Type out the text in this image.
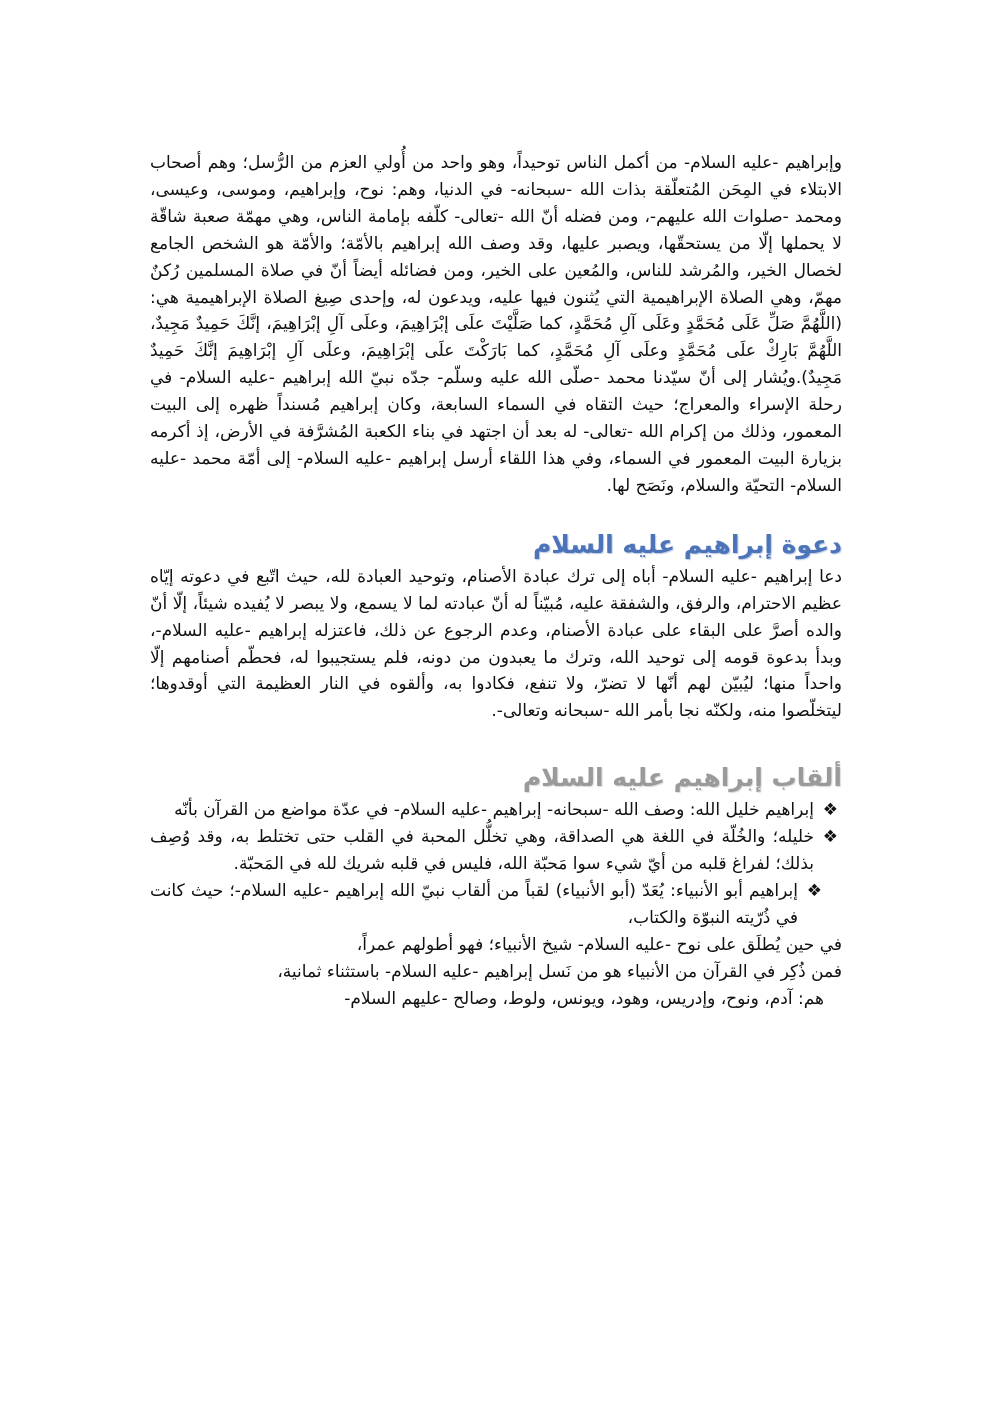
وإبراهيم -عليه السلام- من أكمل الناس توحيداً، وهو واحد من أُولي العزم من الرُّسل؛ وهم أصحاب الابتلاء في المِحَن المُتعلّقة بذات الله -سبحانه- في الدنيا، وهم: نوح، وإبراهيم، وموسى، وعيسى، ومحمد -صلوات الله عليهم-، ومن فضله أنّ الله -تعالى- كلّفه بإمامة الناس، وهي مهمّة صعبة شاقّة لا يحملها إلّا من يستحقّها، ويصبر عليها، وقد وصف الله إبراهيم بالأمّة؛ والأمّة هو الشخص الجامع لخصال الخير، والمُرشد للناس، والمُعين على الخير، ومن فضائله أيضاً أنّ في صلاة المسلمين رُكنٌ مهمّ، وهي الصلاة الإبراهيمية التي يُثنون فيها عليه، ويدعون له، وإحدى صِيغ الصلاة الإبراهيمية هي: (اللَّهُمَّ صَلِّ عَلَى مُحَمَّدٍ وعَلَى آلِ مُحَمَّدٍ، كما صَلَّيْتَ علَى إبْرَاهِيمَ، وعلَى آلِ إبْرَاهِيمَ، إنَّكَ حَمِيدٌ مَجِيدٌ، اللَّهُمَّ بَارِكْ علَى مُحَمَّدٍ وعلَى آلِ مُحَمَّدٍ، كما بَارَكْتَ علَى إبْرَاهِيمَ، وعلَى آلِ إبْرَاهِيمَ إنَّكَ حَمِيدٌ مَجِيدٌ).ويُشار إلى أنّ سيّدنا محمد -صلّى الله عليه وسلّم- جدّه نبيّ الله إبراهيم -عليه السلام- في رحلة الإسراء والمعراج؛ حيث التقاه في السماء السابعة، وكان إبراهيم مُسنداً ظهره إلى البيت المعمور، وذلك من إكرام الله -تعالى- له بعد أن اجتهد في بناء الكعبة المُشرَّفة في الأرض، إذ أكرمه بزيارة البيت المعمور في السماء، وفي هذا اللقاء أرسل إبراهيم -عليه السلام- إلى أمّة محمد -عليه السلام- التحيّة والسلام، ونَصَح لها.

دعوة إبراهيم عليه السلام

دعا إبراهيم -عليه السلام- أباه إلى ترك عبادة الأصنام، وتوحيد العبادة لله، حيث اتّبع في دعوته إيّاه عظيم الاحترام، والرفق، والشفقة عليه، مُبيّناً له أنّ عبادته لما لا يسمع، ولا يبصر لا يُفيده شيئاً، إلّا أنّ والده أصرَّ على البقاء على عبادة الأصنام، وعدم الرجوع عن ذلك، فاعتزله إبراهيم -عليه السلام-، وبدأ بدعوة قومه إلى توحيد الله، وترك ما يعبدون من دونه، فلم يستجيبوا له، فحطّم أصنامهم إلّا واحداً منها؛ ليُبيّن لهم أنّها لا تضرّ، ولا تنفع، فكادوا به، وألقوه في النار العظيمة التي أوقدوها؛ ليتخلّصوا منه، ولكنّه نجا بأمر الله -سبحانه وتعالى-.

ألقاب إبراهيم عليه السلام
❖
إبراهيم خليل الله: وصف الله -سبحانه- إبراهيم -عليه السلام- في عدّة مواضع من القرآن بأنّه
❖
خليله؛ والخُلّة في اللغة هي الصداقة، وهي تخلُّل المحبة في القلب حتى تختلط به، وقد وُصِف بذلك؛ لفراغ قلبه من أيّ شيء سوا مَحبّة الله، فليس في قلبه شريك لله في المَحبّة.
❖
إبراهيم أبو الأنبياء: يُعَدّ (أبو الأنبياء) لقباً من ألقاب نبيّ الله إبراهيم -عليه السلام-؛ حيث كانت في ذُرّيته النبوّة والكتاب،

في حين يُطلَق على نوح -عليه السلام- شيخ الأنبياء؛ فهو أطولهم عمراً،
فمن ذُكِر في القرآن من الأنبياء هو من نَسل إبراهيم -عليه السلام- باستثناء ثمانية،
هم: آدم، ونوح، وإدريس، وهود، ويونس، ولوط، وصالح -عليهم السلام-
